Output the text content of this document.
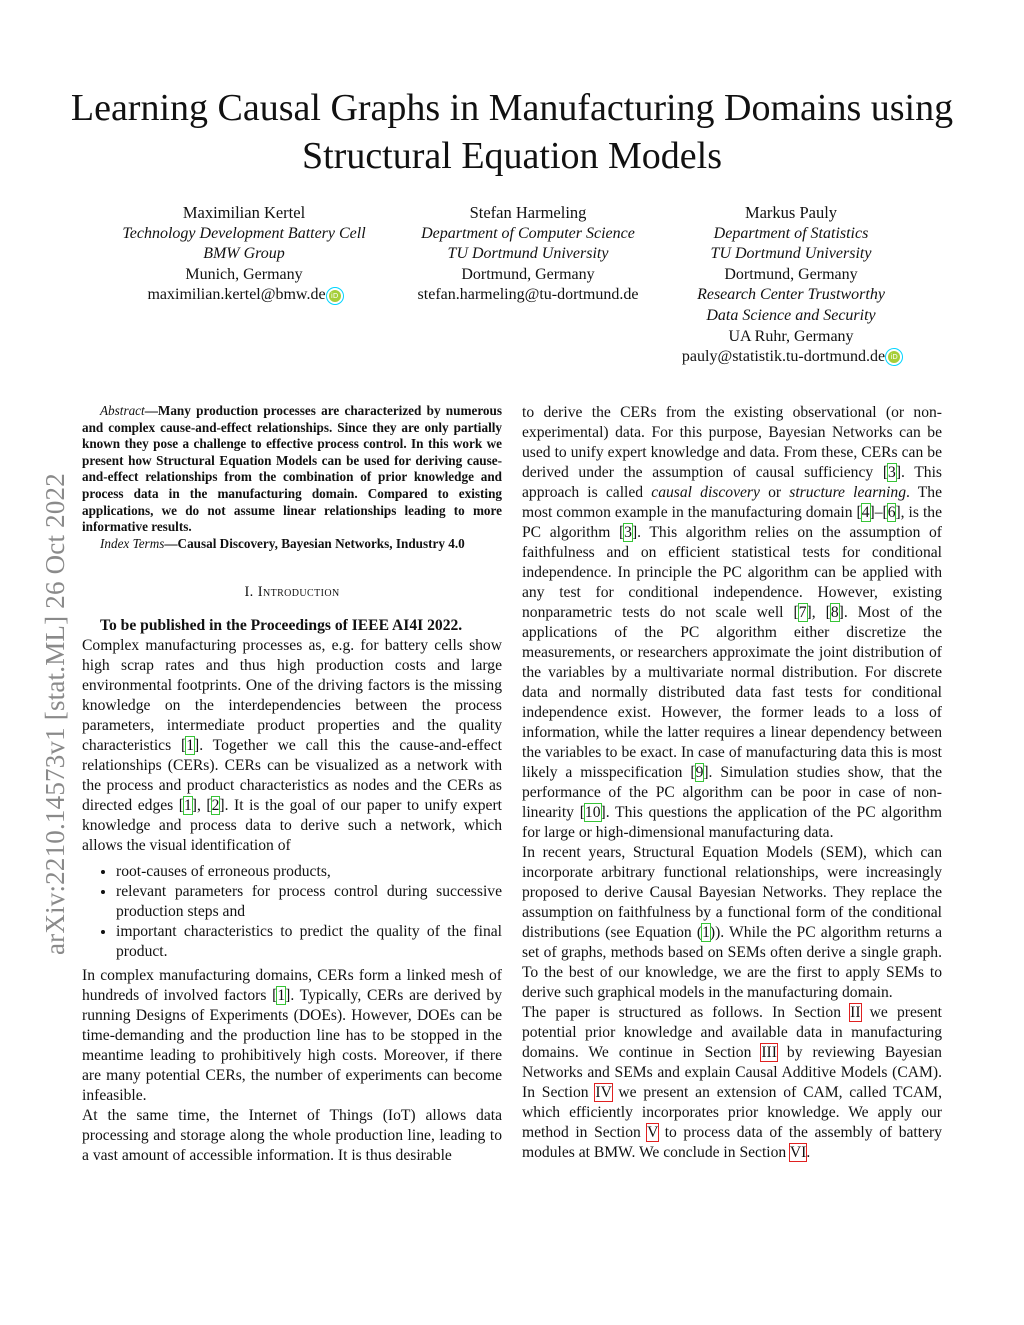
Learning Causal Graphs in Manufacturing Domains using Structural Equation Models
arXiv:2210.14573v1 [stat.ML] 26 Oct 2022
Maximilian Kertel
Technology Development Battery Cell
BMW Group
Munich, Germany
maximilian.kertel@bmw.de iD
Stefan Harmeling
Department of Computer Science
TU Dortmund University
Dortmund, Germany
stefan.harmeling@tu-dortmund.de
Markus Pauly
Department of Statistics
TU Dortmund University
Dortmund, Germany
Research Center Trustworthy
Data Science and Security
UA Ruhr, Germany
pauly@statistik.tu-dortmund.de iD

Abstract—Many production processes are characterized by numerous and complex cause-and-effect relationships. Since they are only partially known they pose a challenge to effective process control. In this work we present how Structural Equation Models can be used for deriving cause-and-effect relationships from the combination of prior knowledge and process data in the manufacturing domain. Compared to existing applications, we do not assume linear relationships leading to more informative results.

Index Terms—Causal Discovery, Bayesian Networks, Industry 4.0

I. Introduction

To be published in the Proceedings of IEEE AI4I 2022.

Complex manufacturing processes as, e.g. for battery cells show high scrap rates and thus high production costs and large environmental footprints. One of the driving factors is the missing knowledge on the interdependencies between the process parameters, intermediate product properties and the quality characteristics [1]. Together we call this the cause-and-effect relationships (CERs). CERs can be visualized as a network with the process and product characteristics as nodes and the CERs as directed edges [1], [2]. It is the goal of our paper to unify expert knowledge and process data to derive such a network, which allows the visual identification of

• root-causes of erroneous products,
• relevant parameters for process control during successive production steps and
• important characteristics to predict the quality of the final product.

In complex manufacturing domains, CERs form a linked mesh of hundreds of involved factors [1]. Typically, CERs are derived by running Designs of Experiments (DOEs). However, DOEs can be time-demanding and the production line has to be stopped in the meantime leading to prohibitively high costs. Moreover, if there are many potential CERs, the number of experiments can become infeasible.

At the same time, the Internet of Things (IoT) allows data processing and storage along the whole production line, leading to a vast amount of accessible information. It is thus desirable

to derive the CERs from the existing observational (or non-experimental) data. For this purpose, Bayesian Networks can be used to unify expert knowledge and data. From these, CERs can be derived under the assumption of causal sufficiency [3]. This approach is called causal discovery or structure learning. The most common example in the manufacturing domain [4]–[6], is the PC algorithm [3]. This algorithm relies on the assumption of faithfulness and on efficient statistical tests for conditional independence. In principle the PC algorithm can be applied with any test for conditional independence. However, existing nonparametric tests do not scale well [7], [8]. Most of the applications of the PC algorithm either discretize the measurements, or researchers approximate the joint distribution of the variables by a multivariate normal distribution. For discrete data and normally distributed data fast tests for conditional independence exist. However, the former leads to a loss of information, while the latter requires a linear dependency between the variables to be exact. In case of manufacturing data this is most likely a misspecification [9]. Simulation studies show, that the performance of the PC algorithm can be poor in case of non-linearity [10]. This questions the application of the PC algorithm for large or high-dimensional manufacturing data.

In recent years, Structural Equation Models (SEM), which can incorporate arbitrary functional relationships, were increasingly proposed to derive Causal Bayesian Networks. They replace the assumption on faithfulness by a functional form of the conditional distributions (see Equation (1)). While the PC algorithm returns a set of graphs, methods based on SEMs often derive a single graph. To the best of our knowledge, we are the first to apply SEMs to derive such graphical models in the manufacturing domain.

The paper is structured as follows. In Section II we present potential prior knowledge and available data in manufacturing domains. We continue in Section III by reviewing Bayesian Networks and SEMs and explain Causal Additive Models (CAM). In Section IV we present an extension of CAM, called TCAM, which efficiently incorporates prior knowledge. We apply our method in Section V to process data of the assembly of battery modules at BMW. We conclude in Section VI.
